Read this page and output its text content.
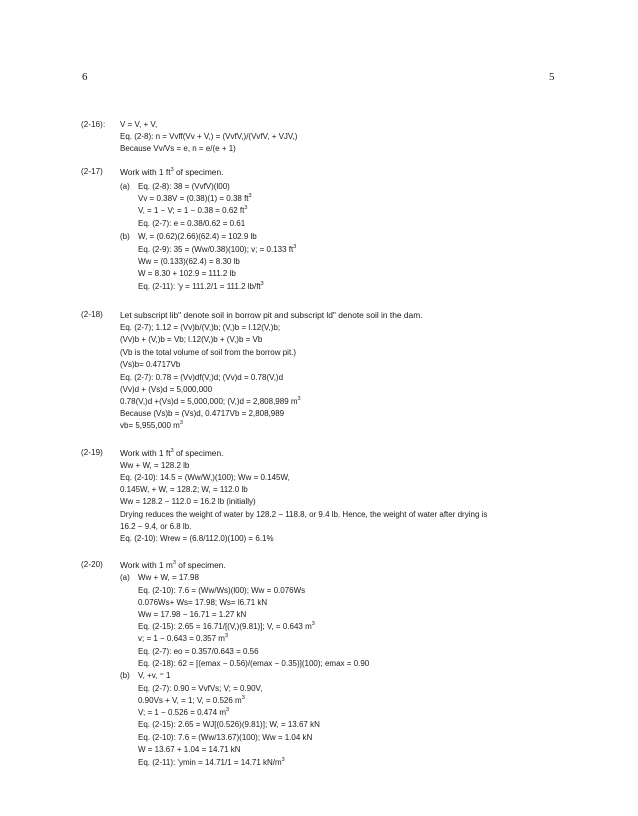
6	5
(2-16): V = V, + V,
Eq. (2-8): n = Vvff(Vv + V,) = (VvfV,)/(VvfV, + VJV,)
Because Vv/Vs = e, n = e/(e + 1)
(2-17)
(a)
(b)
Work with 1 $ft^3$ of specimen.
Eq. (2-8): 38 = (VvfV)(l00)
Vv = 0.38V = (0.38)(1) = 0.38 $ft^3$
V, = 1 − V; = 1 − 0.38 = 0.62 $ft^3$
Eq. (2-7): e = 0.38/0.62 = 0.61
W, = (0.62)(2.66)(62.4) = 102.9 lb
Eq. (2-9): 35 = (Ww/0.38)(100); v; = 0.133 $ft^3$
Ww = (0.133)(62.4) = 8.30 lb
W = 8.30 + 102.9 = 111.2 lb
Eq. (2-11): 'y = 111.2/1 = 111.2 $lb/ft^3$
(2-18) Let subscript lib" denote soil in borrow pit and subscript ld" denote soil in the dam.
Eq. (2-7); 1.12 = (Vv)b/(V,)b; (V,)b = l.12(V,)b;
(Vv)b + (V,)b = Vb; l.12(V,)b + (V,)b = Vb
(Vb is the total volume of soil from the borrow pit.)
(Vs)b= 0.4717Vb
Eq. (2-7): 0.78 = (Vv)df(V,)d; (Vv)d = 0.78(V,)d
(Vv)d + (Vs)d = 5,000,000
0.78(V,)d +(Vs)d = 5,000,000; (V,)d = 2,808,989 $m^3$
Because (Vs)b = (Vs)d, 0.4717Vb = 2,808,989
vb= 5,955,000 $m^3$
(2-19) Work with 1 $ft^3$ of specimen.
Ww + W, = 128.2 lb
Eq. (2-10): 14.5 = (Ww/W,)(100); Ww = 0.145W,
0.145W, + W, = 128.2; W, = 112.0 lb
Ww = 128.2 − 112.0 = 16.2 lb (initially)
Drying reduces the weight of water by 128.2 − 118.8, or 9.4 lb. Hence, the weight of water after drying is
16.2 − 9.4, or 6.8 lb.
Eq. (2-10): Wrew = (6.8/112.0)(100) = 6.1%
(2-20)
(a)
(b)
Work with 1 $m^3$ of specimen.
Ww + W, = 17.98
Eq. (2-10): 7.6 = (Ww/Ws)(l00); Ww = 0.076Ws
0.076Ws+ Ws= 17.98; Ws= l6.71 kN
Ww = 17.98 − 16.71 = 1.27 kN
Eq. (2-15): 2.65 = 16.71/[(V,)(9.81)]; V, = 0.643 $m^3$
v; = 1 − 0.643 = 0.357 $m^3$
Eq. (2-7): eo = 0.357/0.643 = 0.56
Eq. (2-18): 62 = [(emax − 0.56)/(emax − 0.35)](100); emax = 0.90
V, +v, ⁼ 1
Eq. (2-7): 0.90 = VvfVs; V; = 0.90V,
0.90Vs + V, = 1; V, = 0.526 $m^3$
V; = 1 − 0.526 = 0.474 $m^3$
Eq. (2-15): 2.65 = WJ[(0.526)(9.81)]; W, = 13.67 kN
Eq. (2-10): 7.6 = (Ww/13.67)(100); Ww = 1.04 kN
W = 13.67 + 1.04 = 14.71 kN
Eq. (2-11): 'ymin = 14.71/1 = 14.71 $kN/m^3$
